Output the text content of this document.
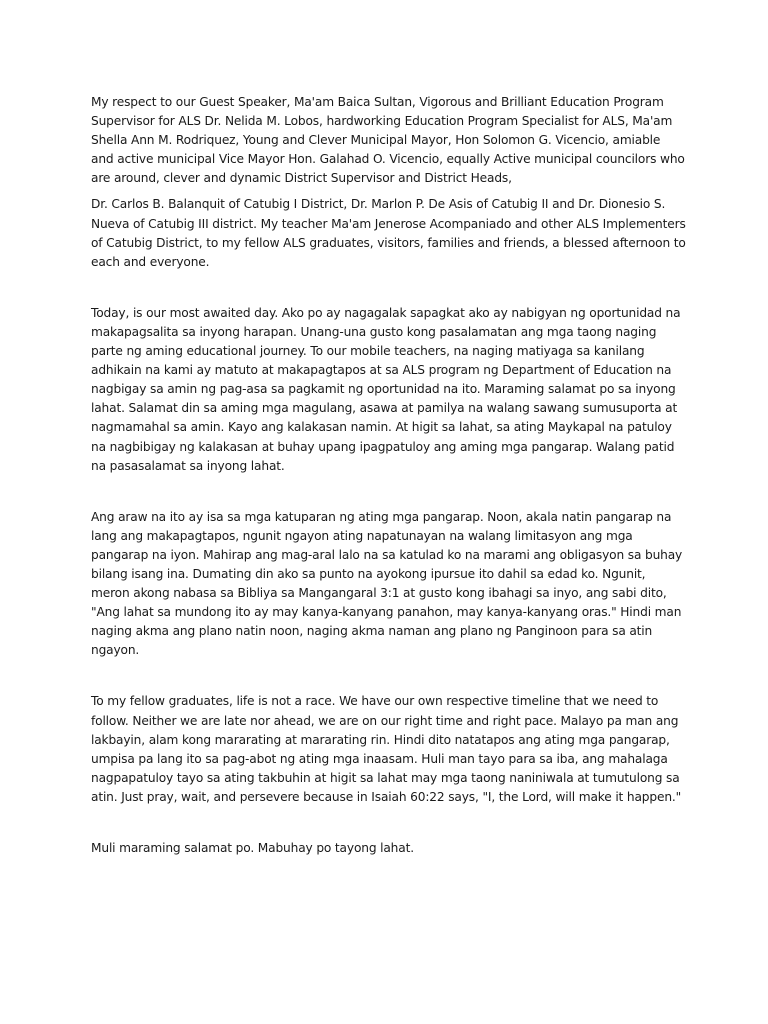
My respect to our Guest Speaker, Ma'am Baica Sultan, Vigorous and Brilliant Education Program Supervisor for ALS Dr. Nelida M. Lobos, hardworking Education Program Specialist for ALS, Ma'am Shella Ann M. Rodriquez, Young and Clever Municipal Mayor, Hon Solomon G. Vicencio, amiable and active municipal Vice Mayor Hon. Galahad O. Vicencio, equally Active municipal councilors who are around, clever and dynamic District Supervisor and District Heads,

Dr. Carlos B. Balanquit of Catubig I District, Dr. Marlon P. De Asis of Catubig II and Dr. Dionesio S. Nueva of Catubig III district. My teacher Ma'am Jenerose Acompaniado and other ALS Implementers of Catubig District, to my fellow ALS graduates, visitors, families and friends, a blessed afternoon to each and everyone.

Today, is our most awaited day. Ako po ay nagagalak sapagkat ako ay nabigyan ng oportunidad na makapagsalita sa inyong harapan. Unang-una gusto kong pasalamatan ang mga taong naging parte ng aming educational journey. To our mobile teachers, na naging matiyaga sa kanilang adhikain na kami ay matuto at makapagtapos at sa ALS program ng Department of Education na nagbigay sa amin ng pag-asa sa pagkamit ng oportunidad na ito. Maraming salamat po sa inyong lahat. Salamat din sa aming mga magulang, asawa at pamilya na walang sawang sumusuporta at nagmamahal sa amin. Kayo ang kalakasan namin. At higit sa lahat, sa ating Maykapal na patuloy na nagbibigay ng kalakasan at buhay upang ipagpatuloy ang aming mga pangarap. Walang patid na pasasalamat sa inyong lahat.

Ang araw na ito ay isa sa mga katuparan ng ating mga pangarap. Noon, akala natin pangarap na lang ang makapagtapos, ngunit ngayon ating napatunayan na walang limitasyon ang mga pangarap na iyon. Mahirap ang mag-aral lalo na sa katulad ko na marami ang obligasyon sa buhay bilang isang ina. Dumating din ako sa punto na ayokong ipursue ito dahil sa edad ko. Ngunit, meron akong nabasa sa Bibliya sa Mangangaral 3:1 at gusto kong ibahagi sa inyo, ang sabi dito, "Ang lahat sa mundong ito ay may kanya-kanyang panahon, may kanya-kanyang oras." Hindi man naging akma ang plano natin noon, naging akma naman ang plano ng Panginoon para sa atin ngayon.

To my fellow graduates, life is not a race. We have our own respective timeline that we need to follow. Neither we are late nor ahead, we are on our right time and right pace. Malayo pa man ang lakbayin, alam kong mararating at mararating rin. Hindi dito natatapos ang ating mga pangarap, umpisa pa lang ito sa pag-abot ng ating mga inaasam. Huli man tayo para sa iba, ang mahalaga nagpapatuloy tayo sa ating takbuhin at higit sa lahat may mga taong naniniwala at tumutulong sa atin. Just pray, wait, and persevere because in Isaiah 60:22 says, "I, the Lord, will make it happen."

Muli maraming salamat po. Mabuhay po tayong lahat.
